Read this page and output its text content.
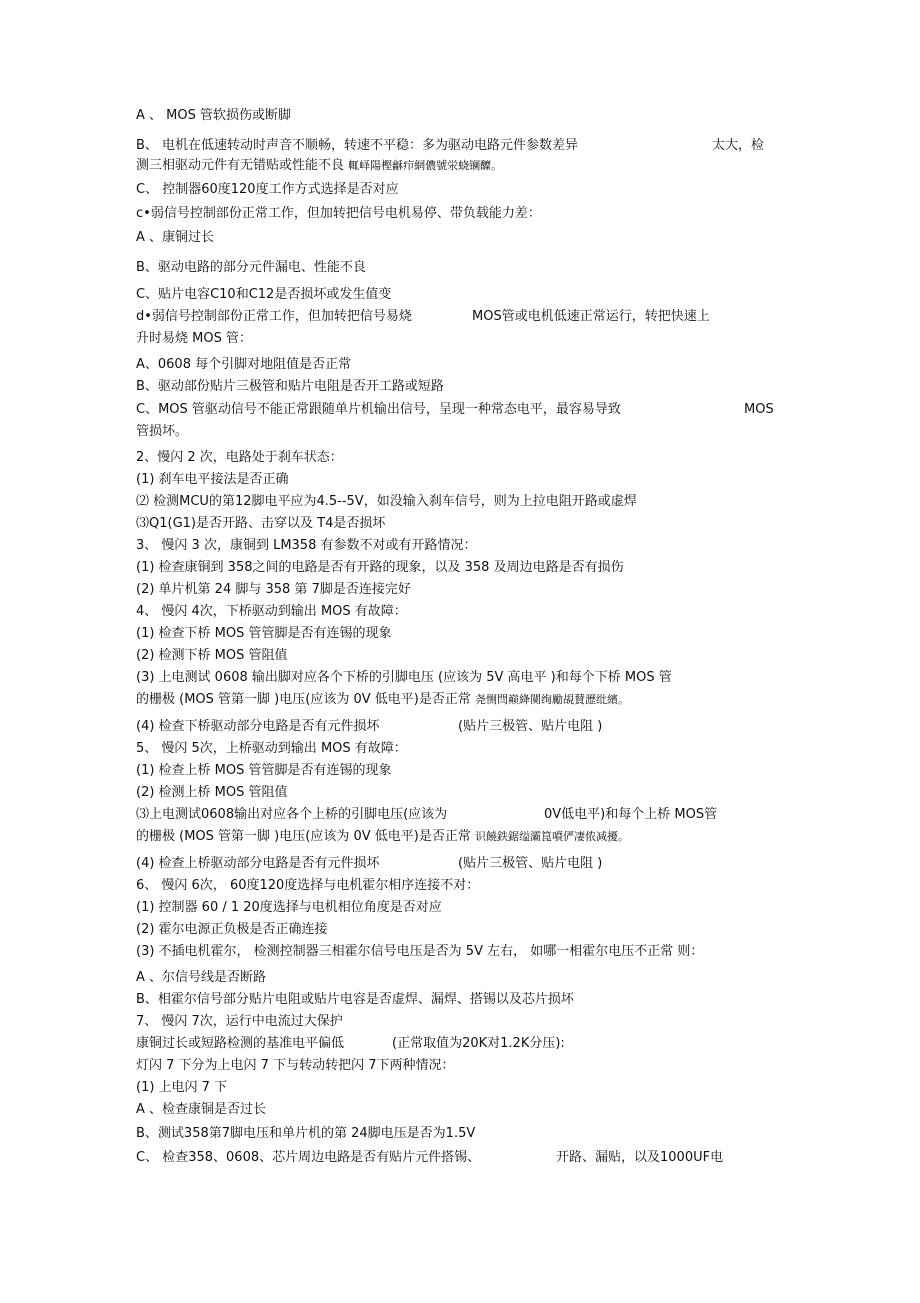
A 、 MOS 管软损伤或断脚
B、 电机在低速转动时声音不顺畅，转速不平稳：多为驱动电路元件参数差异	太大，检
测三相驱动元件有无错贴或性能不良 輒峄陽樫龢疖網儂號泶蛲镧醾。
C、 控制器60度120度工作方式选择是否对应
c•弱信号控制部份正常工作，但加转把信号电机易停、带负载能力差：
A 、康铜过长
B、驱动电路的部分元件漏电、性能不良
C、贴片电容C10和C12是否损坏或发生值变
d•弱信号控制部份正常工作，但加转把信号易烧	MOS管或电机低速正常运行，转把快速上
升时易烧 MOS 管：
A、0608 每个引脚对地阻值是否正常
B、驱动部份贴片三极管和贴片电阻是否开工路或短路
C、MOS 管驱动信号不能正常跟随单片机输出信号，呈现一种常态电平，最容易导致	MOS
管损坏。
2、慢闪 2 次，电路处于刹车状态：
(1) 刹车电平接法是否正确
⑵ 检测MCU的第12脚电平应为4.5--5V，如没输入刹车信号，则为上拉电阻开路或虚焊
⑶Q1(G1)是否开路、击穿以及 T4是否损坏
3、 慢闪 3 次，康铜到 LM358 有参数不对或有开路情况：
(1) 检查康铜到 358之间的电路是否有开路的现象，以及 358 及周边电路是否有损伤
(2) 单片机第 24 脚与 358 第 7脚是否连接完好
4、 慢闪 4次，下桥驱动到输出 MOS 有故障：
(1) 检查下桥 MOS 管管脚是否有连锡的现象
(2) 检测下桥 MOS 管阻值
(3) 上电测试 0608 输出脚对应各个下桥的引脚电压 (应该为 5V 高电平 )和每个下桥 MOS 管
的栅极 (MOS 管第一脚 )电压(应该为 0V 低电平)是否正常 尧恻閆巅絳闃绚勵覘賛瀝纰繽。
(4) 检查下桥驱动部分电路是否有元件损坏	(贴片三极管、贴片电阻 )
5、 慢闪 5次，上桥驱动到输出 MOS 有故障：
(1) 检查上桥 MOS 管管脚是否有连锡的现象
(2) 检测上桥 MOS 管阻值
⑶上电测试0608输出对应各个上桥的引脚电压(应该为	0V低电平)和每个上桥 MOS管
的栅极 (MOS 管第一脚 )电压(应该为 0V 低电平)是否正常 识饒鉄鋸缢灞箟噴俨凄侬减擾。
(4) 检查上桥驱动部分电路是否有元件损坏	(贴片三极管、贴片电阻 )
6、 慢闪 6次， 60度120度选择与电机霍尔相序连接不对：
(1) 控制器 60 / 1 20度选择与电机相位角度是否对应
(2) 霍尔电源正负极是否正确连接
(3) 不插电机霍尔， 检测控制器三相霍尔信号电压是否为 5V 左右， 如哪一相霍尔电压不正常 则：
A 、尔信号线是否断路
B、相霍尔信号部分贴片电阻或贴片电容是否虚焊、漏焊、搭锡以及芯片损坏
7、 慢闪 7次，运行中电流过大保护
康铜过长或短路检测的基准电平偏低	(正常取值为20K对1.2K分压):
灯闪 7 下分为上电闪 7 下与转动转把闪 7下两种情况：
(1) 上电闪 7 下
A 、检查康铜是否过长
B、测试358第7脚电压和单片机的第 24脚电压是否为1.5V
C、 检查358、0608、芯片周边电路是否有贴片元件搭锡、	开路、漏贴，以及1000UF电
